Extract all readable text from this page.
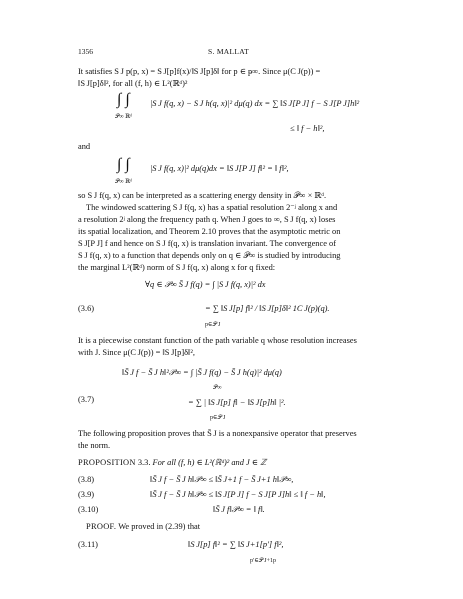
1356	S. MALLAT
It satisfies S J p(p, x) = S J[p]f(x)/‖S J[p]δ‖ for p ∈ ᵽ∞. Since μ(C J(p)) =
‖S J[p]δ‖², for all (f, h) ∈ L²(ℝᵈ)²
∫ ∫ |S J f(q, x) − S J h(q, x)|² dμ(q) dx = ∑ ‖S J[P J] f − S J[P J]h‖²
𝒫∞ ℝᵈ
≤ ‖ f − h‖²,
and
∫ ∫ |S J f(q, x)|² dμ(q)dx = ‖S J[P J] f‖² = ‖ f‖²,
𝒫∞ ℝᵈ
so S J f(q, x) can be interpreted as a scattering energy density in 𝒫∞ × ℝᵈ.
The windowed scattering S J f(q, x) has a spatial resolution 2⁻ʲ along x and
a resolution 2ʲ along the frequency path q. When J goes to ∞, S J f(q, x) loses
its spatial localization, and Theorem 2.10 proves that the asymptotic metric on
S J[P J] f and hence on S J f(q, x) is translation invariant. The convergence of
S J f(q, x) to a function that depends only on q ∈ 𝒫∞ is studied by introducing
the marginal L²(ℝᵈ) norm of S J f(q, x) along x for q fixed:
∀q ∈ 𝒫∞ S̄ J f(q) = ∫ |S J f(q, x)|² dx
(3.6)	= ∑ ‖S J[p] f‖² / ‖S J[p]δ‖² 1C J(p)(q).
p∈𝒫 J
It is a piecewise constant function of the path variable q whose resolution increases
with J. Since μ(C J(p)) = ‖S J[p]δ‖²,
‖S̄ J f − S̄ J h‖²𝒫∞ = ∫ |S̄ J f(q) − S̄ J h(q)|² dμ(q)
𝒫∞
(3.7)	= ∑ | ‖S J[p] f‖ − ‖S J[p]h‖ |².
p∈𝒫 J
The following proposition proves that S̄ J is a nonexpansive operator that preserves
the norm.
PROPOSITION 3.3. For all (f, h) ∈ L²(ℝᵈ)² and J ∈ ℤ
(3.8)	‖S̄ J f − S̄ J h‖𝒫∞ ≤ ‖S̄ J+1 f − S̄ J+1 h‖𝒫∞,
(3.9)	‖S̄ J f − S̄ J h‖𝒫∞ ≤ ‖S J[P J] f − S J[P J]h‖ ≤ ‖ f − h‖,
(3.10)	‖S̄ J f‖𝒫∞ = ‖ f‖.
PROOF. We proved in (2.39) that
(3.11)	‖S J[p] f‖² = ∑ ‖S J+1[p′] f‖²,
p′∈𝒫 J+1p
